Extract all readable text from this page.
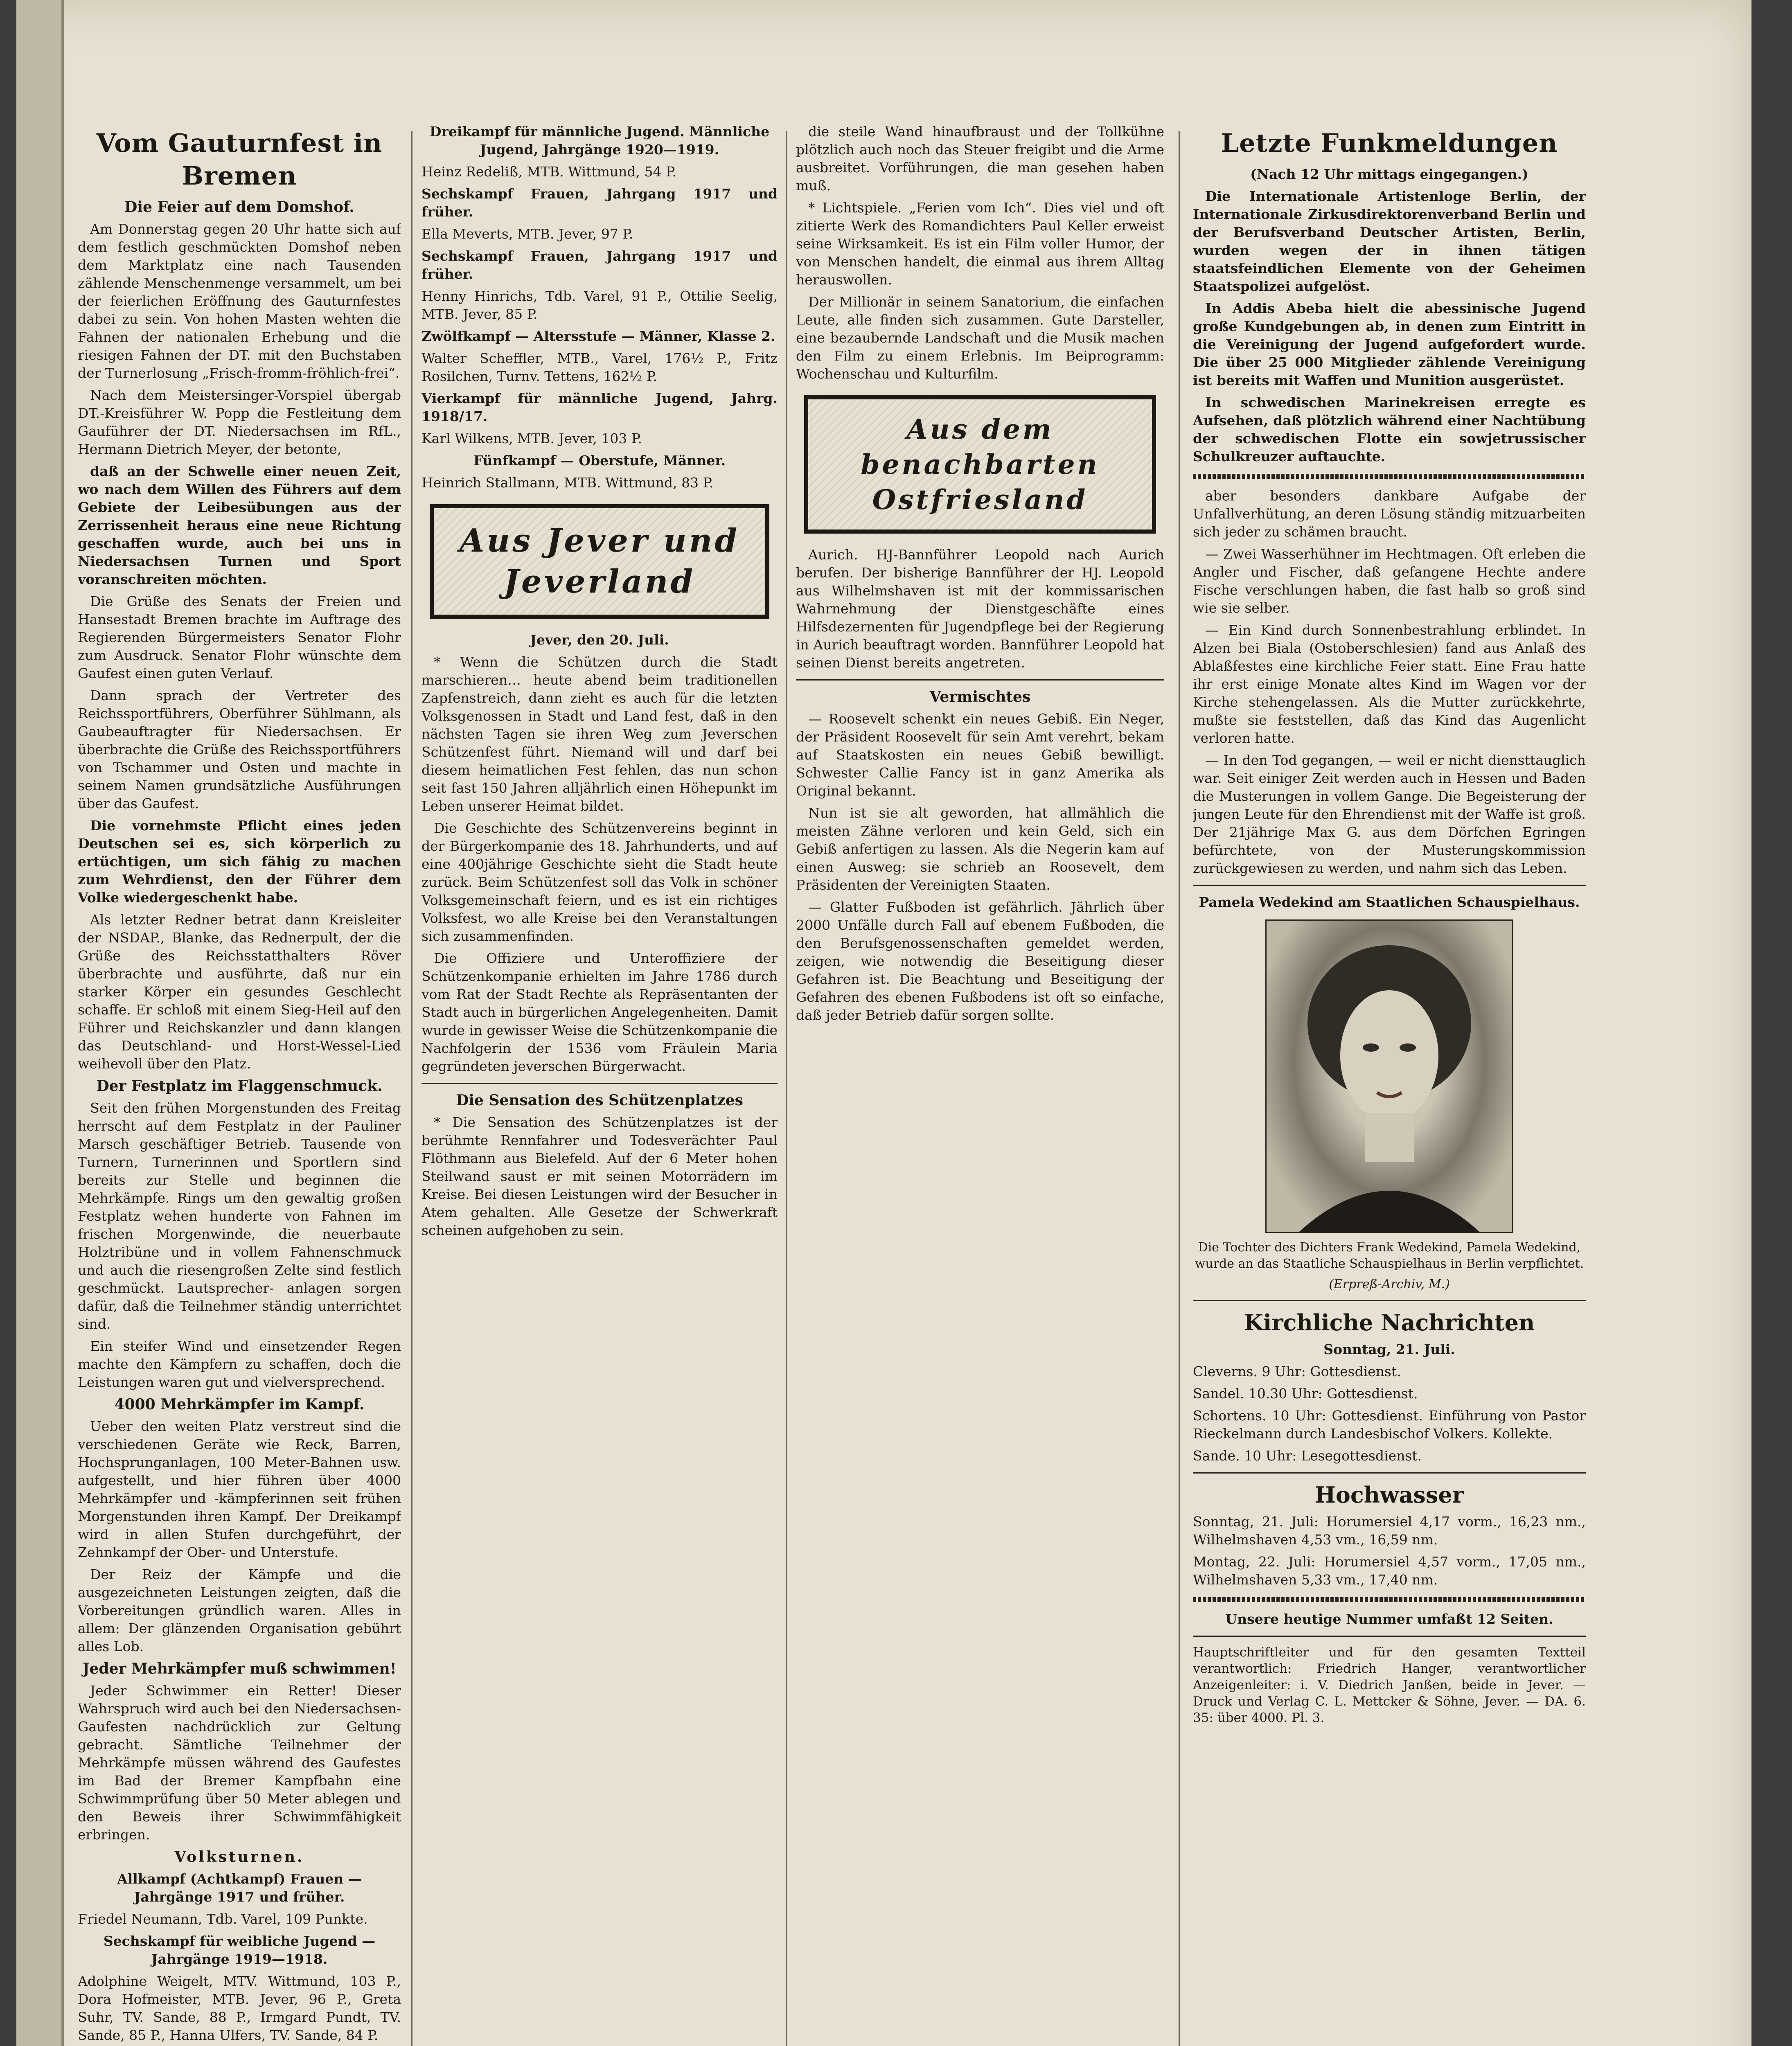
Vom Gauturnfest in Bremen

Die Feier auf dem Domshof.

Am Donnerstag gegen 20 Uhr hatte sich auf dem festlich geschmückten Domshof neben dem Marktplatz eine nach Tausenden zählende Menschenmenge versammelt, um bei der feierlichen Eröffnung des Gauturnfestes dabei zu sein. Von hohen Masten wehten die Fahnen der nationalen Erhebung und die riesigen Fahnen der DT. mit den Buchstaben der Turnerlosung „Frisch-fromm-fröhlich-frei“.

Nach dem Meistersinger-Vorspiel übergab DT.-Kreisführer W. Popp die Festleitung dem Gauführer der DT. Niedersachsen im RfL., Hermann Dietrich Meyer, der betonte,

daß an der Schwelle einer neuen Zeit, wo nach dem Willen des Führers auf dem Gebiete der Leibesübungen aus der Zerrissenheit heraus eine neue Richtung geschaffen wurde, auch bei uns in Niedersachsen Turnen und Sport voranschreiten möchten.

Die Grüße des Senats der Freien und Hansestadt Bremen brachte im Auftrage des Regierenden Bürgermeisters Senator Flohr zum Ausdruck. Senator Flohr wünschte dem Gaufest einen guten Verlauf.

Dann sprach der Vertreter des Reichssportführers, Oberführer Sühlmann, als Gaubeauftragter für Niedersachsen. Er überbrachte die Grüße des Reichssportführers von Tschammer und Osten und machte in seinem Namen grundsätzliche Ausführungen über das Gaufest.

Die vornehmste Pflicht eines jeden Deutschen sei es, sich körperlich zu ertüchtigen, um sich fähig zu machen zum Wehrdienst, den der Führer dem Volke wiedergeschenkt habe.

Als letzter Redner betrat dann Kreisleiter der NSDAP., Blanke, das Rednerpult, der die Grüße des Reichsstatthalters Röver überbrachte und ausführte, daß nur ein starker Körper ein gesundes Geschlecht schaffe. Er schloß mit einem Sieg-Heil auf den Führer und Reichskanzler und dann klangen das Deutschland- und Horst-Wessel-Lied weihevoll über den Platz.

Der Festplatz im Flaggenschmuck.

Seit den frühen Morgenstunden des Freitag herrscht auf dem Festplatz in der Pauliner Marsch geschäftiger Betrieb. Tausende von Turnern, Turnerinnen und Sportlern sind bereits zur Stelle und beginnen die Mehrkämpfe. Rings um den gewaltig großen Festplatz wehen hunderte von Fahnen im frischen Morgenwinde, die neuerbaute Holztribüne und in vollem Fahnenschmuck und auch die riesengroßen Zelte sind festlich geschmückt. Lautsprecher- anlagen sorgen dafür, daß die Teilnehmer ständig unterrichtet sind.

Ein steifer Wind und einsetzender Regen machte den Kämpfern zu schaffen, doch die Leistungen waren gut und vielversprechend.

4000 Mehrkämpfer im Kampf.

Ueber den weiten Platz verstreut sind die verschiedenen Geräte wie Reck, Barren, Hochsprunganlagen, 100 Meter-Bahnen usw. aufgestellt, und hier führen über 4000 Mehrkämpfer und -kämpferinnen seit frühen Morgenstunden ihren Kampf. Der Dreikampf wird in allen Stufen durchgeführt, der Zehnkampf der Ober- und Unterstufe.

Der Reiz der Kämpfe und die ausgezeichneten Leistungen zeigten, daß die Vorbereitungen gründlich waren. Alles in allem: Der glänzenden Organisation gebührt alles Lob.

Jeder Mehrkämpfer muß schwimmen!

Jeder Schwimmer ein Retter! Dieser Wahrspruch wird auch bei den Niedersachsen-Gaufesten nachdrücklich zur Geltung gebracht. Sämtliche Teilnehmer der Mehrkämpfe müssen während des Gaufestes im Bad der Bremer Kampfbahn eine Schwimmprüfung über 50 Meter ablegen und den Beweis ihrer Schwimmfähigkeit erbringen.

Volksturnen.

Allkampf (Achtkampf) Frauen — Jahrgänge 1917 und früher.

Friedel Neumann, Tdb. Varel, 109 Punkte.

Sechskampf für weibliche Jugend — Jahrgänge 1919—1918.

Adolphine Weigelt, MTV. Wittmund, 103 P., Dora Hofmeister, MTB. Jever, 96 P., Greta Suhr, TV. Sande, 88 P., Irmgard Pundt, TV. Sande, 85 P., Hanna Ulfers, TV. Sande, 84 P.

Dreikampf für männliche Jugend. Männliche Jugend, Jahrgänge 1920—1919.

Heinz Redeliß, MTB. Wittmund, 54 P.

Sechskampf Frauen, Jahrgang 1917 und früher.

Ella Meverts, MTB. Jever, 97 P.

Sechskampf Frauen, Jahrgang 1917 und früher.

Henny Hinrichs, Tdb. Varel, 91 P., Ottilie Seelig, MTB. Jever, 85 P.

Zwölfkampf — Altersstufe — Männer, Klasse 2.

Walter Scheffler, MTB., Varel, 176½ P., Fritz Rosilchen, Turnv. Tettens, 162½ P.

Vierkampf für männliche Jugend, Jahrg. 1918/17.

Karl Wilkens, MTB. Jever, 103 P.

Fünfkampf — Oberstufe, Männer.

Heinrich Stallmann, MTB. Wittmund, 83 P.

Aus Jever und Jeverland

Jever, den 20. Juli.

* Wenn die Schützen durch die Stadt marschieren… heute abend beim traditionellen Zapfenstreich, dann zieht es auch für die letzten Volksgenossen in Stadt und Land fest, daß in den nächsten Tagen sie ihren Weg zum Jeverschen Schützenfest führt. Niemand will und darf bei diesem heimatlichen Fest fehlen, das nun schon seit fast 150 Jahren alljährlich einen Höhepunkt im Leben unserer Heimat bildet.

Die Geschichte des Schützenvereins beginnt in der Bürgerkompanie des 18. Jahrhunderts, und auf eine 400jährige Geschichte sieht die Stadt heute zurück. Beim Schützenfest soll das Volk in schöner Volksgemeinschaft feiern, und es ist ein richtiges Volksfest, wo alle Kreise bei den Veranstaltungen sich zusammenfinden.

Die Offiziere und Unteroffiziere der Schützenkompanie erhielten im Jahre 1786 durch vom Rat der Stadt Rechte als Repräsentanten der Stadt auch in bürgerlichen Angelegenheiten. Damit wurde in gewisser Weise die Schützenkompanie die Nachfolgerin der 1536 vom Fräulein Maria gegründeten jeverschen Bürgerwacht.

Die Sensation des Schützenplatzes

* Die Sensation des Schützenplatzes ist der berühmte Rennfahrer und Todesverächter Paul Flöthmann aus Bielefeld. Auf der 6 Meter hohen Steilwand saust er mit seinen Motorrädern im Kreise. Bei diesen Leistungen wird der Besucher in Atem gehalten. Alle Gesetze der Schwerkraft scheinen aufgehoben zu sein.

die steile Wand hinaufbraust und der Tollkühne plötzlich auch noch das Steuer freigibt und die Arme ausbreitet. Vorführungen, die man gesehen haben muß.

* Lichtspiele. „Ferien vom Ich“. Dies viel und oft zitierte Werk des Romandichters Paul Keller erweist seine Wirksamkeit. Es ist ein Film voller Humor, der von Menschen handelt, die einmal aus ihrem Alltag herauswollen.

Der Millionär in seinem Sanatorium, die einfachen Leute, alle finden sich zusammen. Gute Darsteller, eine bezaubernde Landschaft und die Musik machen den Film zu einem Erlebnis. Im Beiprogramm: Wochenschau und Kulturfilm.

Aus dem benachbarten Ostfriesland

Aurich. HJ-Bannführer Leopold nach Aurich berufen. Der bisherige Bannführer der HJ. Leopold aus Wilhelmshaven ist mit der kommissarischen Wahrnehmung der Dienstgeschäfte eines Hilfsdezernenten für Jugendpflege bei der Regierung in Aurich beauftragt worden. Bannführer Leopold hat seinen Dienst bereits angetreten.

Vermischtes

— Roosevelt schenkt ein neues Gebiß. Ein Neger, der Präsident Roosevelt für sein Amt verehrt, bekam auf Staatskosten ein neues Gebiß bewilligt. Schwester Callie Fancy ist in ganz Amerika als Original bekannt.

Nun ist sie alt geworden, hat allmählich die meisten Zähne verloren und kein Geld, sich ein Gebiß anfertigen zu lassen. Als die Negerin kam auf einen Ausweg: sie schrieb an Roosevelt, dem Präsidenten der Vereinigten Staaten.

— Glatter Fußboden ist gefährlich. Jährlich über 2000 Unfälle durch Fall auf ebenem Fußboden, die den Berufsgenossenschaften gemeldet werden, zeigen, wie notwendig die Beseitigung dieser Gefahren ist. Die Beachtung und Beseitigung der Gefahren des ebenen Fußbodens ist oft so einfache, daß jeder Betrieb dafür sorgen sollte.

Letzte Funkmeldungen

(Nach 12 Uhr mittags eingegangen.)

Die Internationale Artistenloge Berlin, der Internationale Zirkusdirektorenverband Berlin und der Berufsverband Deutscher Artisten, Berlin, wurden wegen der in ihnen tätigen staatsfeindlichen Elemente von der Geheimen Staatspolizei aufgelöst.

In Addis Abeba hielt die abessinische Jugend große Kundgebungen ab, in denen zum Eintritt in die Vereinigung der Jugend aufgefordert wurde. Die über 25 000 Mitglieder zählende Vereinigung ist bereits mit Waffen und Munition ausgerüstet.

In schwedischen Marinekreisen erregte es Aufsehen, daß plötzlich während einer Nachtübung der schwedischen Flotte ein sowjetrussischer Schulkreuzer auftauchte.

aber besonders dankbare Aufgabe der Unfallverhütung, an deren Lösung ständig mitzuarbeiten sich jeder zu schämen braucht.

— Zwei Wasserhühner im Hechtmagen. Oft erleben die Angler und Fischer, daß gefangene Hechte andere Fische verschlungen haben, die fast halb so groß sind wie sie selber.

— Ein Kind durch Sonnenbestrahlung erblindet. In Alzen bei Biala (Ostoberschlesien) fand aus Anlaß des Ablaßfestes eine kirchliche Feier statt. Eine Frau hatte ihr erst einige Monate altes Kind im Wagen vor der Kirche stehengelassen. Als die Mutter zurückkehrte, mußte sie feststellen, daß das Kind das Augenlicht verloren hatte.

— In den Tod gegangen, — weil er nicht diensttauglich war. Seit einiger Zeit werden auch in Hessen und Baden die Musterungen in vollem Gange. Die Begeisterung der jungen Leute für den Ehrendienst mit der Waffe ist groß. Der 21jährige Max G. aus dem Dörfchen Egringen befürchtete, von der Musterungskommission zurückgewiesen zu werden, und nahm sich das Leben.

Pamela Wedekind am Staatlichen Schauspielhaus.

Die Tochter des Dichters Frank Wedekind, Pamela Wedekind, wurde an das Staatliche Schauspielhaus in Berlin verpflichtet.

(Erpreß-Archiv, M.)

Kirchliche Nachrichten

Sonntag, 21. Juli.

Cleverns. 9 Uhr: Gottesdienst.

Sandel. 10.30 Uhr: Gottesdienst.

Schortens. 10 Uhr: Gottesdienst. Einführung von Pastor Rieckelmann durch Landesbischof Volkers. Kollekte.

Sande. 10 Uhr: Lesegottesdienst.

Hochwasser

Sonntag, 21. Juli: Horumersiel 4,17 vorm., 16,23 nm., Wilhelmshaven 4,53 vm., 16,59 nm.

Montag, 22. Juli: Horumersiel 4,57 vorm., 17,05 nm., Wilhelmshaven 5,33 vm., 17,40 nm.

Unsere heutige Nummer umfaßt 12 Seiten.

Hauptschriftleiter und für den gesamten Textteil verantwortlich: Friedrich Hanger, verantwortlicher Anzeigenleiter: i. V. Diedrich Janßen, beide in Jever. — Druck und Verlag C. L. Mettcker & Söhne, Jever. — DA. 6. 35: über 4000. Pl. 3.
